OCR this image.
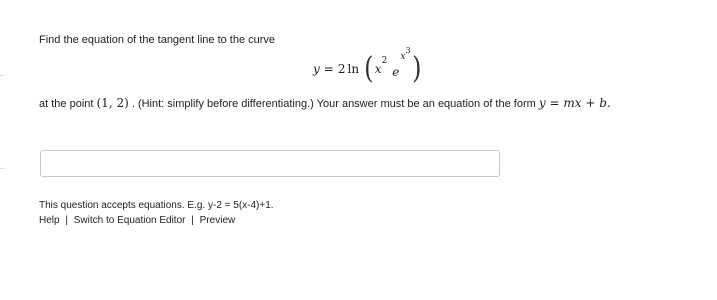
Find the equation of the tangent line to the curve
y = 2 ln ( x
$^2$
e
$x^3$
)
at the point (1, 2) . (Hint: simplify before differentiating.) Your answer must be an equation of the form y = mx + b.
This question accepts equations. E.g. y-2 = 5(x-4)+1.
Help | Switch to Equation Editor | Preview
